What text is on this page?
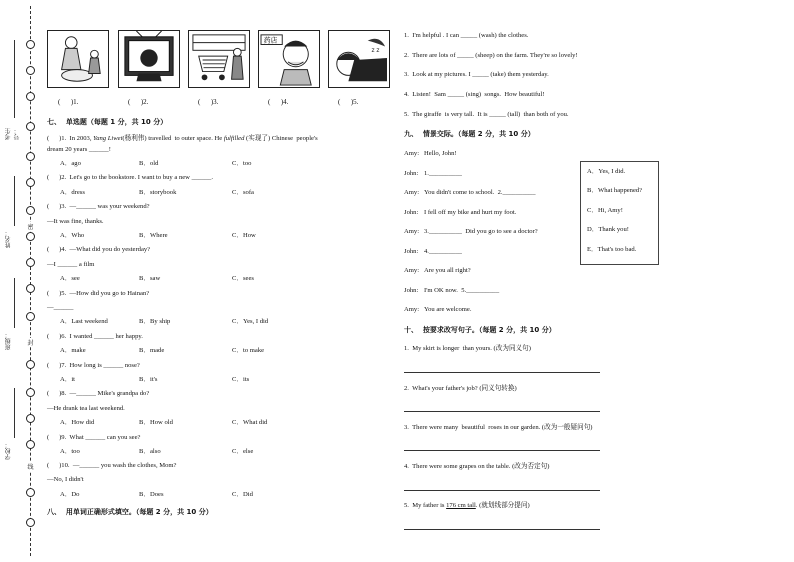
密
封
线
考生号：
姓名：
班级：
学校：
药店
z z
(      )1.	(      )2.	(      )3.	(      )4.	(      )5.
七、  单选题（每题 1 分，共 10 分）
(      )1.  In 2003, Yang Liwei(杨利伟) travelled  to outer space. He fulfilled (实现了) Chinese  people's
dream 20 years ______!
A．ago	B．old	C．too
(      )2.  Let's go to the bookstore. I want to buy a new ______.
A．dress	B．storybook	C．sofa
(      )3.  —______ was your weekend?
—It was fine, thanks.
A．Who	B．Where	C．How
(      )4.  —What did you do yesterday?
—I ______ a film
A．see	B．saw	C．sees
(      )5.  —How did you go to Hainan?
—______
A．Last weekend	B．By ship	C．Yes, I did
(      )6.  I wanted ______ her happy.
A．make	B．made	C．to make
(      )7.  How long is ______ nose?
A．it	B．it's	C．its
(      )8.  —______ Mike's grandpa do?
—He drank tea last weekend.
A．How did	B．How old	C．What did
(      )9.  What ______ can you see?
A．too	B．also	C．else
(      )10.  —______ you wash the clothes, Mom?
—No, I didn't
A．Do	B．Does	C．Did
八、  用单词正确形式填空。（每题 2 分，共 10 分）
1.  I'm helpful . I can _____ (wash) the clothes.
2.  There are lots of _____ (sheep) on the farm. They're so lovely!
3.  Look at my pictures. I _____ (take) them yesterday.
4.  Listen!  Sam _____ (sing)  songs.  How beautiful!
5.  The giraffe  is very tall.  It is _____ (tall)  than both of you.
九、  情景交际。（每题 2 分，共 10 分）
Amy: Hello, John!
John: 1.__________
Amy: You didn't come to school.  2.__________
John: I fell off my bike and hurt my foot.
Amy: 3.__________  Did you go to see a doctor?
John: 4.__________
Amy: Are you all right?
John: I'm OK now.  5.__________
Amy: You are welcome.
A．Yes, I did.
B．What happened?
C．Hi, Amy!
D．Thank you!
E．That's too bad.
十、  按要求改写句子。（每题 2 分，共 10 分）
1.  My skirt is longer  than yours. (改为同义句)
2.  What's your father's job? (同义句转换)
3.  There were many  beautiful  roses in our garden. (改为一般疑问句)
4.  There were some grapes on the table. (改为否定句)
5.  My father is 176 cm tall. (就划线部分提问)
